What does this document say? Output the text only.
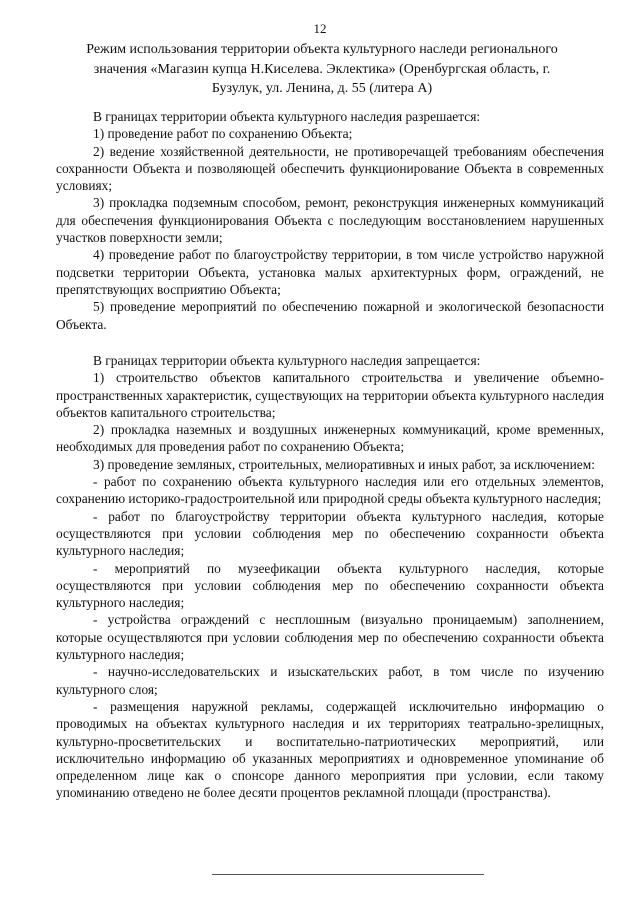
12
Режим использования территории объекта культурного наследи регионального значения «Магазин купца Н.Киселева. Эклектика» (Оренбургская область, г. Бузулук, ул. Ленина, д. 55 (литера А)

В границах территории объекта культурного наследия разрешается:

1) проведение работ по сохранению Объекта;

2) ведение хозяйственной деятельности, не противоречащей требованиям обеспечения сохранности Объекта и позволяющей обеспечить функционирование Объекта в современных условиях;

3) прокладка подземным способом, ремонт, реконструкция инженерных коммуникаций для обеспечения функционирования Объекта с последующим восстановлением нарушенных участков поверхности земли;

4) проведение работ по благоустройству территории, в том числе устройство наружной подсветки территории Объекта, установка малых архитектурных форм, ограждений, не препятствующих восприятию Объекта;

5) проведение мероприятий по обеспечению пожарной и экологической безопасности Объекта.

В границах территории объекта культурного наследия запрещается:

1) строительство объектов капитального строительства и увеличение объемно-пространственных характеристик, существующих на территории объекта культурного наследия объектов капитального строительства;

2) прокладка наземных и воздушных инженерных коммуникаций, кроме временных, необходимых для проведения работ по сохранению Объекта;

3) проведение земляных, строительных, мелиоративных и иных работ, за исключением:

- работ по сохранению объекта культурного наследия или его отдельных элементов, сохранению историко-градостроительной или природной среды объекта культурного наследия;

- работ по благоустройству территории объекта культурного наследия, которые осуществляются при условии соблюдения мер по обеспечению сохранности объекта культурного наследия;

- мероприятий по музеефикации объекта культурного наследия, которые осуществляются при условии соблюдения мер по обеспечению сохранности объекта культурного наследия;

- устройства ограждений с несплошным (визуально проницаемым) заполнением, которые осуществляются при условии соблюдения мер по обеспечению сохранности объекта культурного наследия;

- научно-исследовательских и изыскательских работ, в том числе по изучению культурного слоя;

- размещения наружной рекламы, содержащей исключительно информацию о проводимых на объектах культурного наследия и их территориях театрально-зрелищных, культурно-просветительских и воспитательно-патриотических мероприятий, или исключительно информацию об указанных мероприятиях и одновременное упоминание об определенном лице как о спонсоре данного мероприятия при условии, если такому упоминанию отведено не более десяти процентов рекламной площади (пространства).
